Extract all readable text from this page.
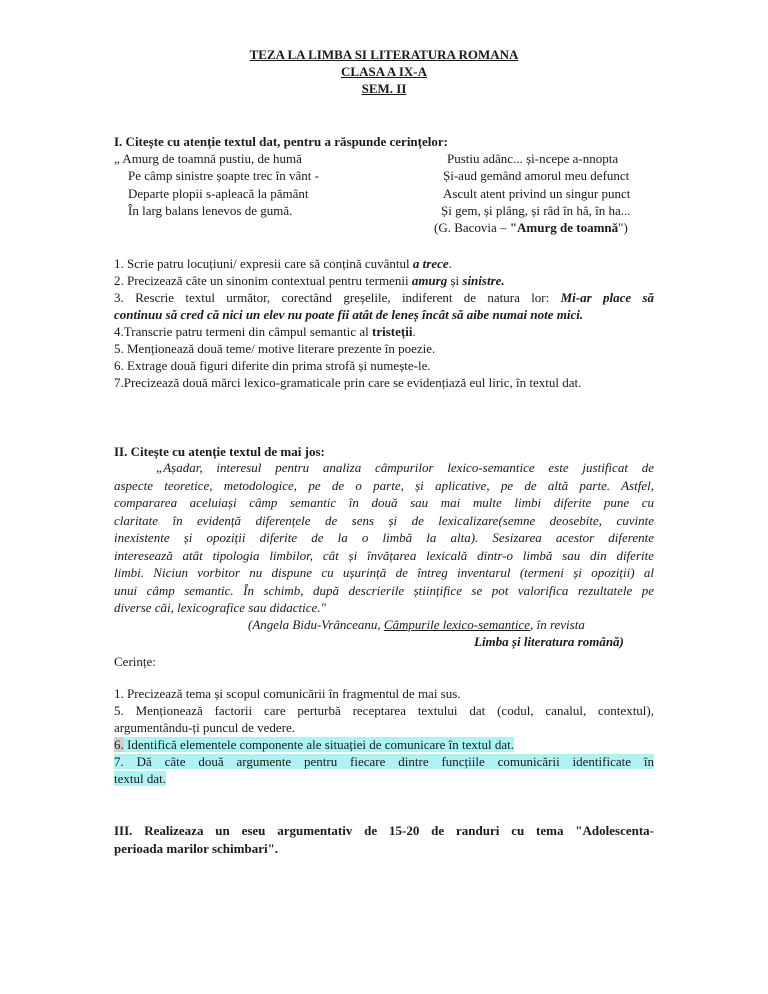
TEZA LA LIMBA SI LITERATURA ROMANA
CLASA A IX-A
SEM. II
I. Citește cu atenție textul dat, pentru a răspunde cerințelor:
„ Amurg de toamnă pustiu, de humă
Pe câmp sinistre șoapte trec în vânt -
Departe plopii s-apleacă la pământ
În larg balans lenevos de gumă.
Pustiu adânc... și-ncepe a-nnopta
Și-aud gemând amorul meu defunct
Ascult atent privind un singur punct
Și gem, și plâng, și râd în hâ, în ha...
(G. Bacovia – "Amurg de toamnă")
1. Scrie patru locuțiuni/ expresii care să conțină cuvântul a trece.
2. Precizează câte un sinonim contextual pentru termenii amurg și sinistre.
3. Rescrie textul următor, corectând greșelile, indiferent de natura lor: Mi-ar place să
continuu să cred că nici un elev nu poate fii atât de leneș încât să aibe numai note mici.
4.Transcrie patru termeni din câmpul semantic al tristeții.
5. Menționează două teme/ motive literare prezente în poezie.
6. Extrage două figuri diferite din prima strofă și numește-le.
7.Precizează două mărci lexico-gramaticale prin care se evidențiază eul liric, în textul dat.
II. Citește cu atenție textul de mai jos:
„Așadar, interesul pentru analiza câmpurilor lexico-semantice este justificat de
aspecte teoretice, metodologice, pe de o parte, și aplicative, pe de altă parte. Astfel,
compararea aceluiași câmp semantic în două sau mai multe limbi diferite pune cu
claritate în evidență diferențele de sens și de lexicalizare(semne deosebite, cuvinte
inexistente și opoziții diferite de la o limbă la alta). Sesizarea acestor diferente
interesează atât tipologia limbilor, cât și învățarea lexicală dintr-o limbă sau din diferite
limbi. Niciun vorbitor nu dispune cu ușurință de întreg inventarul (termeni și opoziții) al
unui câmp semantic. În schimb, după descrierile științifice se pot valorifica rezultatele pe
diverse căi, lexicografice sau didactice."
(Angela Bidu-Vrânceanu, Câmpurile lexico-semantice, în revista
Limba și literatura română)
Cerințe:
1. Precizează tema și scopul comunicării în fragmentul de mai sus.
5. Menționează factorii care perturbă receptarea textului dat (codul, canalul, contextul),
argumentându-ți puncul de vedere.
6. Identifică elementele componente ale situației de comunicare în textul dat.
7. Dă câte două argumente pentru fiecare dintre funcțiile comunicării identificate în
textul dat.
III. Realizeaza un eseu argumentativ de 15-20 de randuri cu tema "Adolescenta-
perioada marilor schimbari".
